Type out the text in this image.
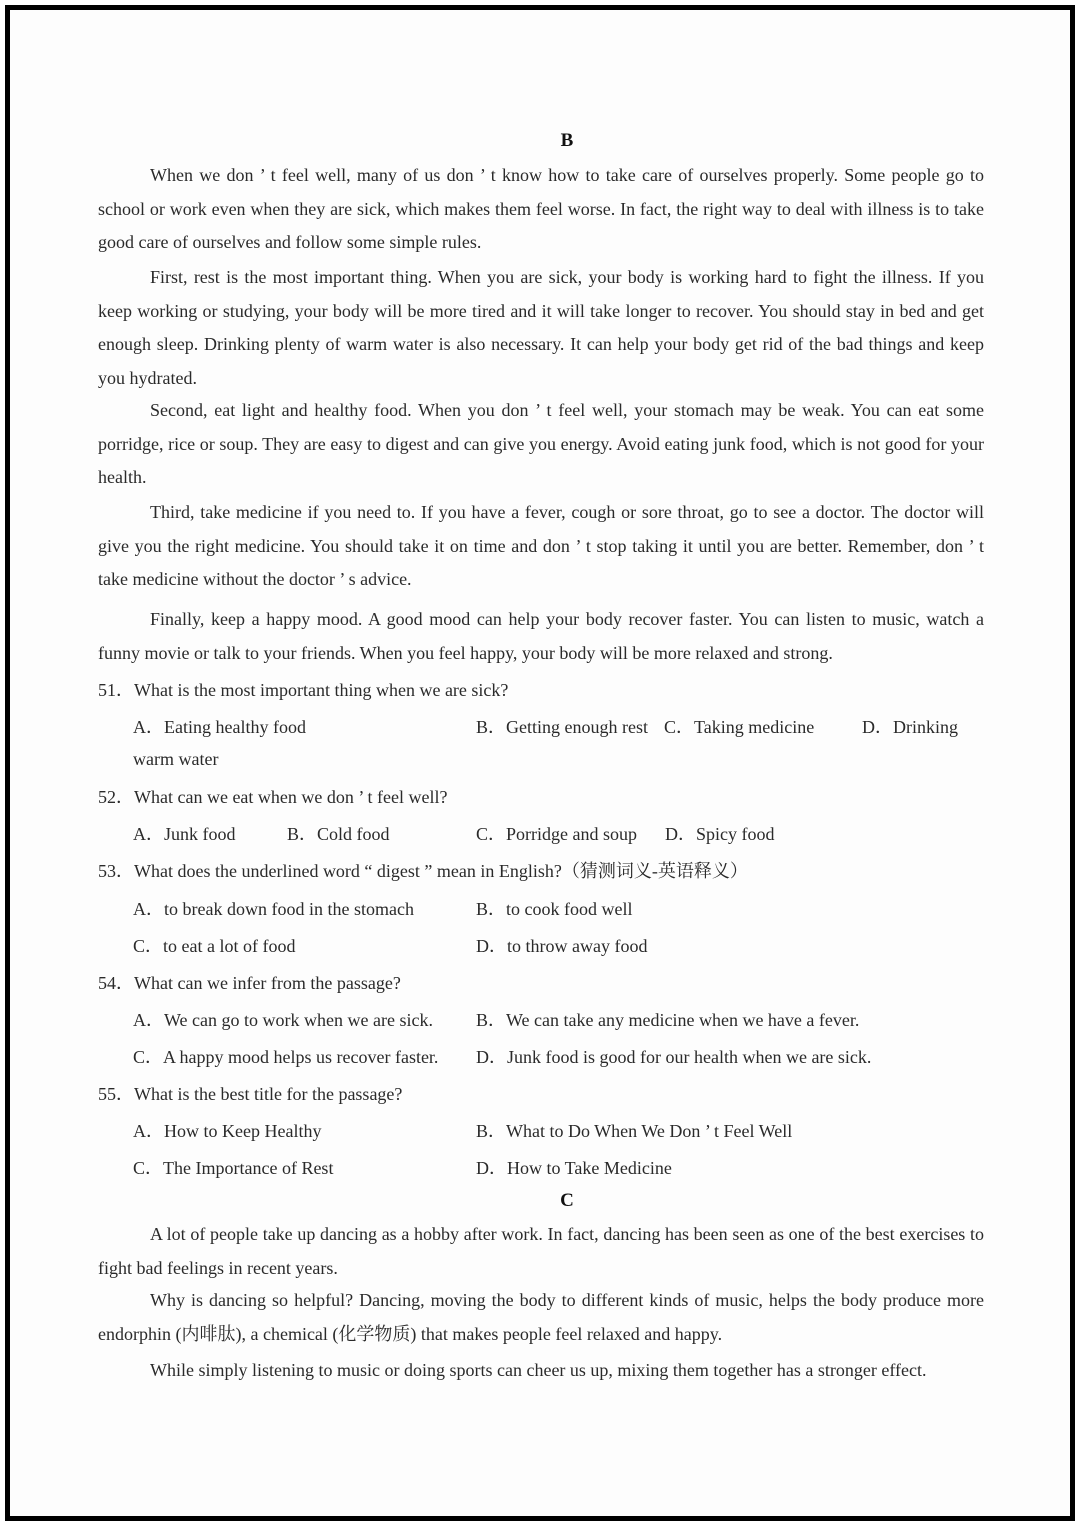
B

When we don ’ t feel well, many of us don ’ t know how to take care of ourselves properly. Some people go to school or work even when they are sick, which makes them feel worse. In fact, the right way to deal with illness is to take good care of ourselves and follow some simple rules.

First, rest is the most important thing. When you are sick, your body is working hard to fight the illness. If you keep working or studying, your body will be more tired and it will take longer to recover. You should stay in bed and get enough sleep. Drinking plenty of warm water is also necessary. It can help your body get rid of the bad things and keep you hydrated.

Second, eat light and healthy food. When you don ’ t feel well, your stomach may be weak. You can eat some porridge, rice or soup. They are easy to digest and can give you energy. Avoid eating junk food, which is not good for your health.

Third, take medicine if you need to. If you have a fever, cough or sore throat, go to see a doctor. The doctor will give you the right medicine. You should take it on time and don ’ t stop taking it until you are better. Remember, don ’ t take medicine without the doctor ’ s advice.

Finally, keep a happy mood. A good mood can help your body recover faster. You can listen to music, watch a funny movie or talk to your friends. When you feel happy, your body will be more relaxed and strong.

51．What is the most important thing when we are sick?

A．Eating healthy food	B．Getting enough rest C．Taking medicine	D．Drinking

warm water

52．What can we eat when we don ’ t feel well?

A．Junk food	B．Cold food	C．Porridge and soup D．Spicy food

53．What does the underlined word “ digest ” mean in English?（猜测词义-英语释义）

A．to break down food in the stomach	B．to cook food well

C．to eat a lot of food	D．to throw away food

54．What can we infer from the passage?

A．We can go to work when we are sick. B．We can take any medicine when we have a fever.

C．A happy mood helps us recover faster. D．Junk food is good for our health when we are sick.

55．What is the best title for the passage?

A．How to Keep Healthy	B．What to Do When We Don ’ t Feel Well

C．The Importance of Rest	D．How to Take Medicine

C

A lot of people take up dancing as a hobby after work. In fact, dancing has been seen as one of the best exercises to fight bad feelings in recent years.

Why is dancing so helpful? Dancing, moving the body to different kinds of music, helps the body produce more endorphin (内啡肽), a chemical (化学物质) that makes people feel relaxed and happy.

While simply listening to music or doing sports can cheer us up, mixing them together has a stronger effect.
